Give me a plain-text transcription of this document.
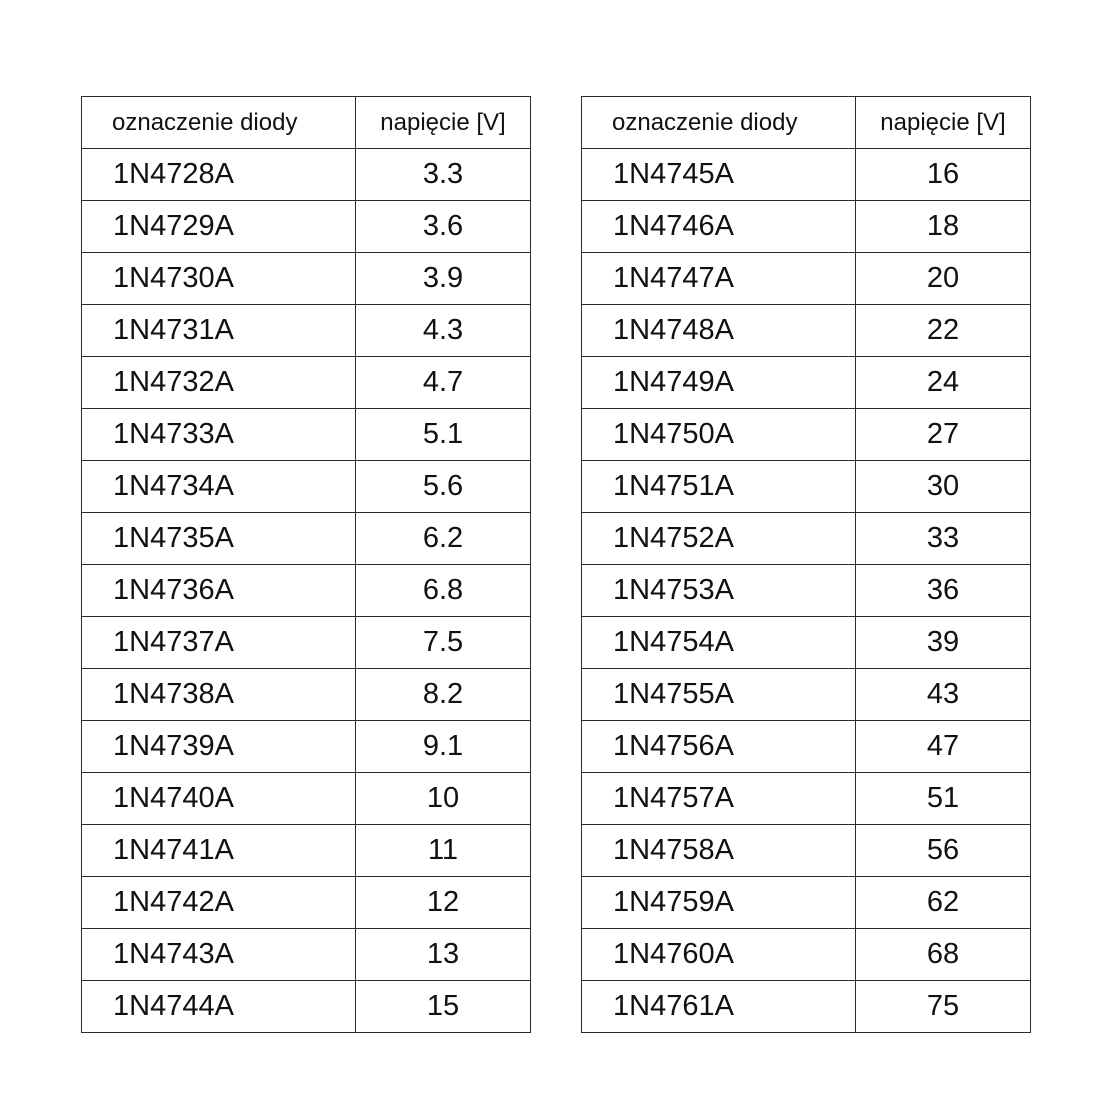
oznaczenie diody	napięcie [V]
1N4728A	3.3
1N4729A	3.6
1N4730A	3.9
1N4731A	4.3
1N4732A	4.7
1N4733A	5.1
1N4734A	5.6
1N4735A	6.2
1N4736A	6.8
1N4737A	7.5
1N4738A	8.2
1N4739A	9.1
1N4740A	10
1N4741A	11
1N4742A	12
1N4743A	13
1N4744A	15
oznaczenie diody	napięcie [V]
1N4745A	16
1N4746A	18
1N4747A	20
1N4748A	22
1N4749A	24
1N4750A	27
1N4751A	30
1N4752A	33
1N4753A	36
1N4754A	39
1N4755A	43
1N4756A	47
1N4757A	51
1N4758A	56
1N4759A	62
1N4760A	68
1N4761A	75
